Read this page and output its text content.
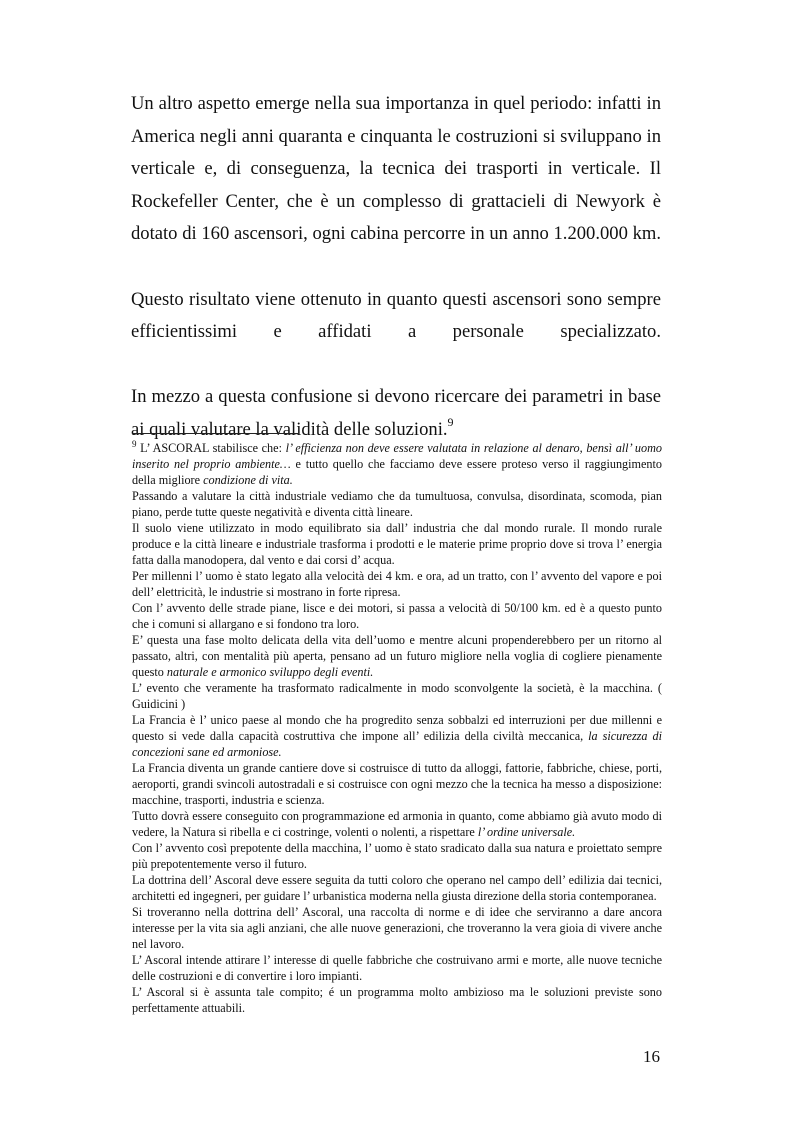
Un altro aspetto emerge nella sua importanza in quel periodo: infatti in America negli anni quaranta e cinquanta le costruzioni si sviluppano in verticale e, di conseguenza, la tecnica dei trasporti in verticale. Il Rockefeller Center, che è un complesso di grattacieli di Newyork è dotato di 160 ascensori, ogni cabina percorre in un anno 1.200.000 km.

Questo risultato viene ottenuto in quanto questi ascensori sono sempre efficientissimi e affidati a personale specializzato.

In mezzo a questa confusione si devono ricercare dei parametri in base ai quali valutare la validità delle soluzioni.$^9$

$^9$ L’ ASCORAL stabilisce che: l’ efficienza non deve essere valutata in relazione al denaro, bensì all’ uomo inserito nel proprio ambiente… e tutto quello che facciamo deve essere proteso verso il raggiungimento della migliore condizione di vita.

Passando a valutare la città industriale vediamo che da tumultuosa, convulsa, disordinata, scomoda, pian piano, perde tutte queste negatività e diventa città lineare.

Il suolo viene utilizzato in modo equilibrato sia dall’ industria che dal mondo rurale. Il mondo rurale produce e la città lineare e industriale trasforma i prodotti e le materie prime proprio dove si trova l’ energia fatta dalla manodopera, dal vento e dai corsi d’ acqua.

Per millenni l’ uomo è stato legato alla velocità dei 4 km. e ora, ad un tratto, con l’ avvento del vapore e poi dell’ elettricità, le industrie si mostrano in forte ripresa.

Con l’ avvento delle strade piane, lisce e dei motori, si passa a velocità di 50/100 km. ed è a questo punto che i comuni si allargano e si fondono tra loro.

E’ questa una fase molto delicata della vita dell’uomo e mentre alcuni propenderebbero per un ritorno al passato, altri, con mentalità più aperta, pensano ad un futuro migliore nella voglia di cogliere pienamente questo naturale e armonico sviluppo degli eventi.

L’ evento che veramente ha trasformato radicalmente in modo sconvolgente la società, è la macchina. ( Guidicini )

La Francia è l’ unico paese al mondo che ha progredito senza sobbalzi ed interruzioni per due millenni e questo si vede dalla capacità costruttiva che impone all’ edilizia della civiltà meccanica, la sicurezza di concezioni sane ed armoniose.

La Francia diventa un grande cantiere dove si costruisce di tutto da alloggi, fattorie, fabbriche, chiese, porti, aeroporti, grandi svincoli autostradali e si costruisce con ogni mezzo che la tecnica ha messo a disposizione: macchine, trasporti, industria e scienza.

Tutto dovrà essere conseguito con programmazione ed armonia in quanto, come abbiamo già avuto modo di vedere, la Natura si ribella e ci costringe, volenti o nolenti, a rispettare l’ ordine universale.

Con l’ avvento così prepotente della macchina, l’ uomo è stato sradicato dalla sua natura e proiettato sempre più prepotentemente verso il futuro.

La dottrina dell’ Ascoral deve essere seguita da tutti coloro che operano nel campo dell’ edilizia dai tecnici, architetti ed ingegneri, per guidare l’ urbanistica moderna nella giusta direzione della storia contemporanea.

Si troveranno nella dottrina dell’ Ascoral, una raccolta di norme e di idee che serviranno a dare ancora interesse per la vita sia agli anziani, che alle nuove generazioni, che troveranno la vera gioia di vivere anche nel lavoro.

L’ Ascoral intende attirare l’ interesse di quelle fabbriche che costruivano armi e morte, alle nuove tecniche delle costruzioni e di convertire i loro impianti.

L’ Ascoral si è assunta tale compito; é un programma molto ambizioso ma le soluzioni previste sono perfettamente attuabili.

16
